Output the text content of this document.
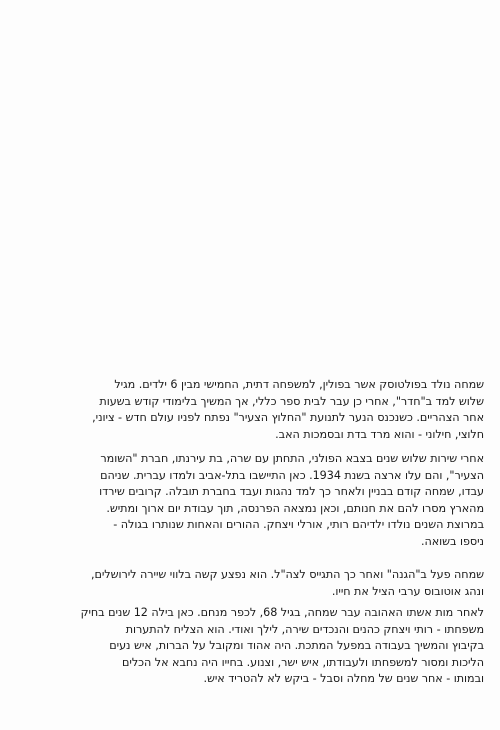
שמחה נולד בפולטוסק אשר בפולין, למשפחה דתית, החמישי מבין 6 ילדים. מגיל
שלוש למד ב"חדר", אחרי כן עבר לבית ספר כללי, אך המשיך בלימודי קודש בשעות
אחר הצהריים. כשנכנס הנער לתנועת "החלוץ הצעיר" נפתח לפניו עולם חדש - ציוני,
חלוצי, חילוני - והוא מרד בדת ובסמכות האב.

אחרי שירות שלוש שנים בצבא הפולני, התחתן עם שרה, בת עירנתו, חברת "השומר
הצעיר", והם עלו ארצה בשנת 1934. כאן התיישבו בתל-אביב ולמדו עברית. שניהם
עבדו, שמחה קודם בבניין ולאחר כך למד נהגות ועבד בחברת תובלה. קרובים שירדו
מהארץ מסרו להם את חנותם, וכאן נמצאה הפרנסה, תוך עבודת יום ארוך ומתיש.
במרוצת השנים נולדו ילדיהם רותי, אורלי ויצחק. ההורים והאחות שנותרו בגולה -
ניספו בשואה.

שמחה פעל ב"הגנה" ואחר כך התגייס לצה"ל. הוא נפצע קשה בלווי שיירה לירושלים,
ונהג אוטובוס ערבי הציל את חייו.

לאחר מות אשתו האהובה עבר שמחה, בגיל 68, לכפר מנחם. כאן בילה 12 שנים בחיק
משפחתו - רותי ויצחק כהנים והנכדים שירה, לילך ואודי. הוא הצליח להתערות
בקיבוץ והמשיך בעבודה במפעל המתכת. היה אהוד ומקובל על הברות, איש נעים
הליכות ומסור למשפחתו ולעבודתו, איש ישר, וצנוע. בחייו היה נחבא אל הכלים
ובמותו - אחר שנים של מחלה וסבל - ביקש לא להטריד איש.
